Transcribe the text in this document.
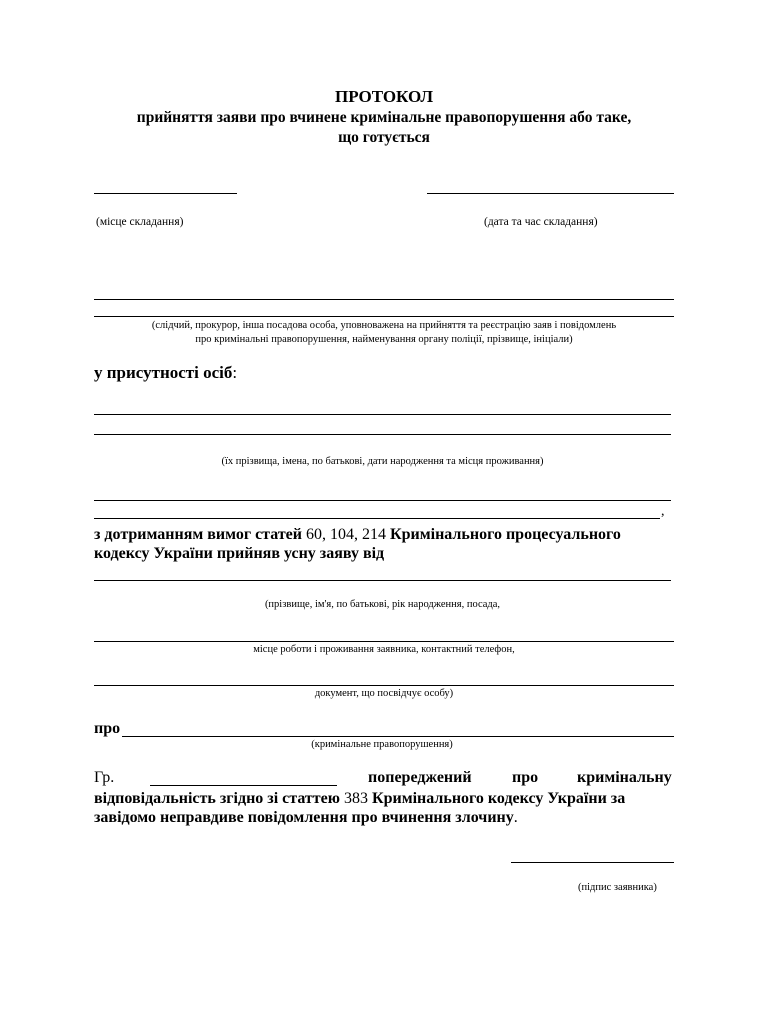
ПРОТОКОЛ
прийняття заяви про вчинене кримінальне правопорушення або таке,
що готується
(місце складання)	(дата та час складання)
(слідчий, прокурор, інша посадова особа, уповноважена на прийняття та реєстрацію заяв і повідомлень
про кримінальні правопорушення, найменування органу поліції, прізвище, ініціали)
у присутності осіб:
(їх прізвища, імена, по батькові, дати народження та місця проживання)
,
з дотриманням вимог статей 60, 104, 214 Кримінального процесуального
кодексу України прийняв усну заяву від
(прізвище, ім'я, по батькові, рік народження, посада,
місце роботи і проживання заявника, контактний телефон,
документ, що посвідчує особу)
про
(кримінальне правопорушення)
Гр.	попереджений	про кримінальну
відповідальність згідно зі статтею 383 Кримінального кодексу України за
завідомо неправдиве повідомлення про вчинення злочину.
(підпис заявника)
